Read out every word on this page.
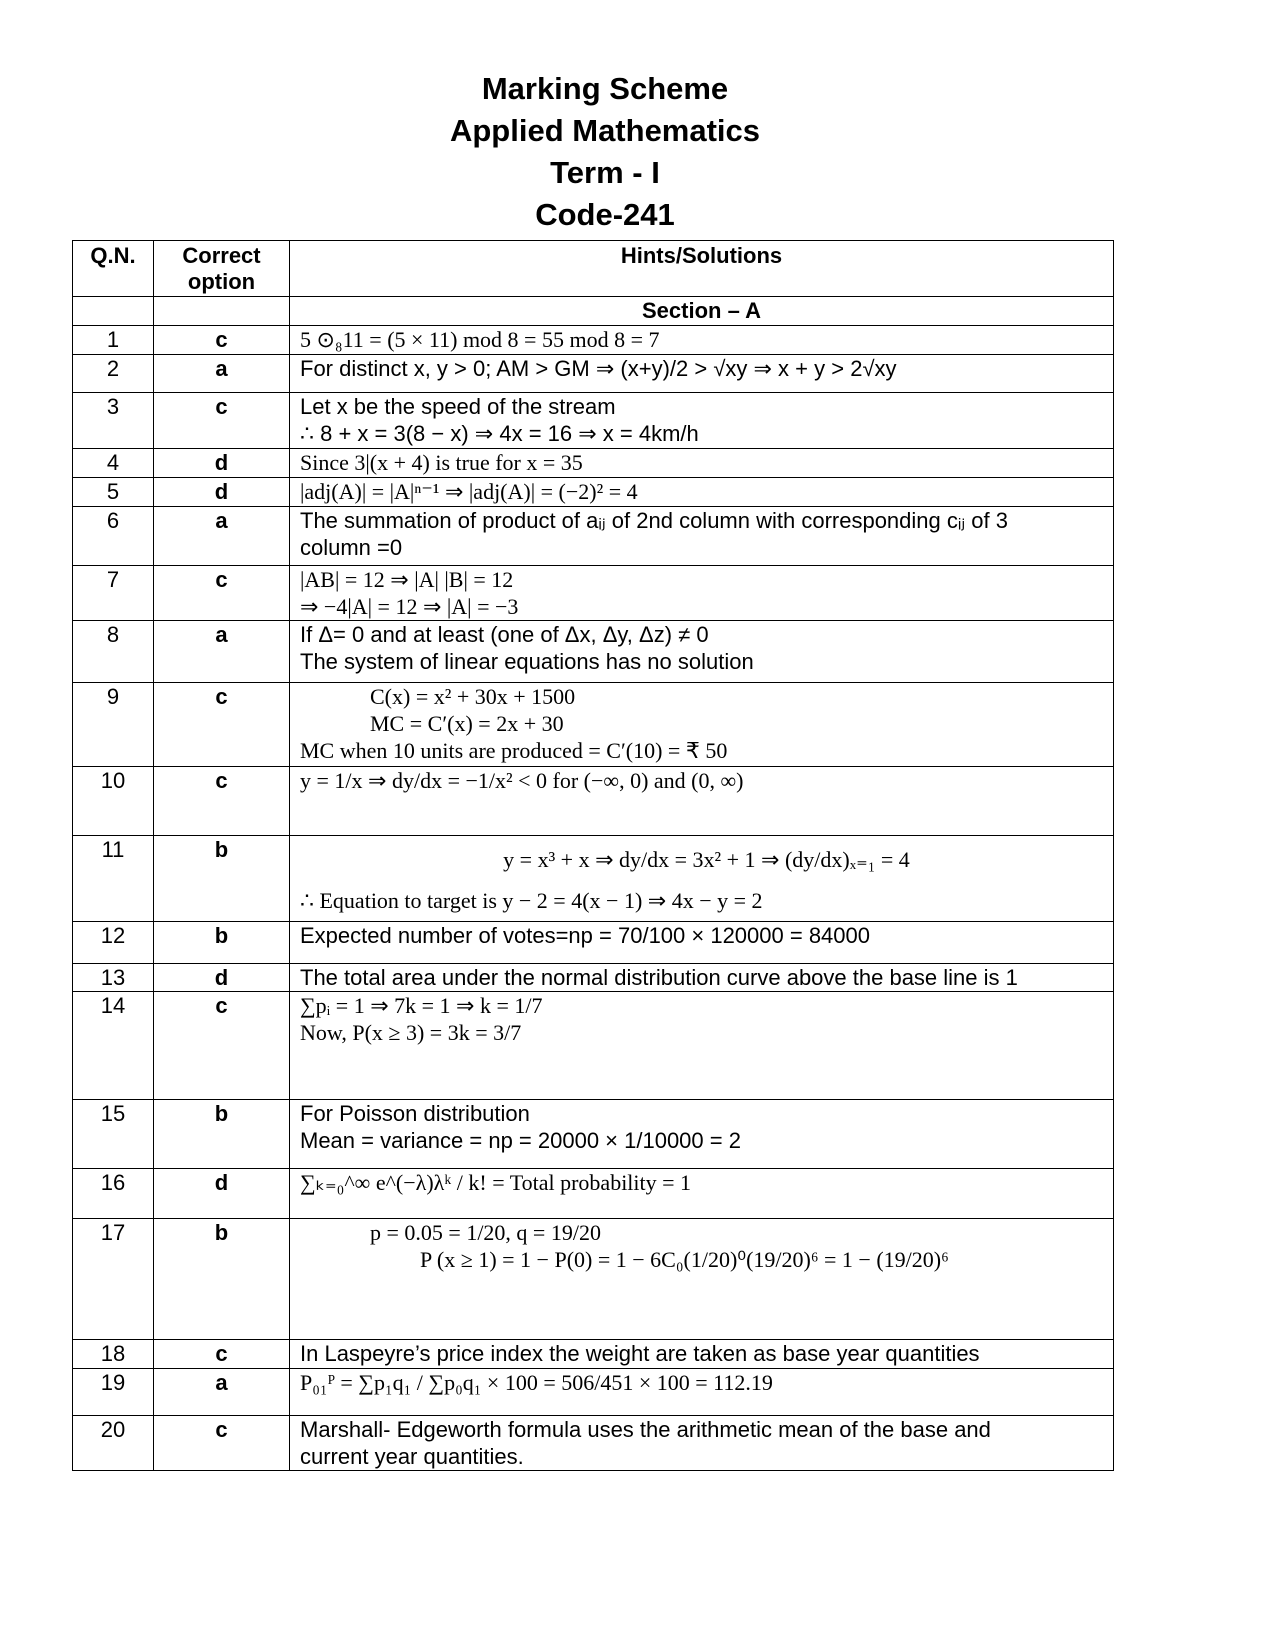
Marking Scheme
Applied Mathematics
Term - I
Code-241
Q.N.	Correct option	Hints/Solutions
		Section – A
1	c	5 ⊙₈11 = (5 × 11) mod 8 = 55 mod 8 = 7

2	a	For distinct x, y > 0; AM > GM ⇒ (x+y)/2 > √xy ⇒ x + y > 2√xy

3	c	Let x be the speed of the stream
∴ 8 + x = 3(8 − x) ⇒ 4x = 16 ⇒ x = 4km/h

4	d	Since 3|(x + 4) is true for x = 35

5	d	|adj(A)| = |A|ⁿ⁻¹ ⇒ |adj(A)| = (−2)² = 4

6	a	The summation of product of aᵢⱼ of 2nd column with corresponding cᵢⱼ of 3
column =0

7	c	|AB| = 12 ⇒ |A| |B| = 12
⇒ −4|A| = 12 ⇒ |A| = −3

8	a	If Δ= 0 and at least (one of Δx, Δy, Δz) ≠ 0
The system of linear equations has no solution

9	c	C(x) = x² + 30x + 1500
MC = C′(x) = 2x + 30
MC when 10 units are produced = C′(10) = ₹ 50

10	c	y = 1/x ⇒ dy/dx = −1/x² < 0 for (−∞, 0) and (0, ∞)

11	b	y = x³ + x ⇒ dy/dx = 3x² + 1 ⇒ (dy/dx)ₓ₌₁ = 4
∴ Equation to target is y − 2 = 4(x − 1) ⇒ 4x − y = 2

12	b	Expected number of votes=np = 70/100 × 120000 = 84000

13	d	The total area under the normal distribution curve above the base line is 1

14	c	∑pᵢ = 1 ⇒ 7k = 1 ⇒ k = 1/7
Now, P(x ≥ 3) = 3k = 3/7

15	b	For Poisson distribution
Mean = variance = np = 20000 × 1/10000 = 2

16	d	∑ₖ₌₀^∞ e^(−λ)λᵏ / k! = Total probability = 1

17	b	p = 0.05 = 1/20, q = 19/20
P (x ≥ 1) = 1 − P(0) = 1 − 6C₀(1/20)⁰(19/20)⁶ = 1 − (19/20)⁶

18	c	In Laspeyre’s price index the weight are taken as base year quantities

19	a	P₀₁ᴾ = ∑p₁q₁ / ∑p₀q₁ × 100 = 506/451 × 100 = 112.19

20	c	Marshall- Edgeworth formula uses the arithmetic mean of the base and
current year quantities.
